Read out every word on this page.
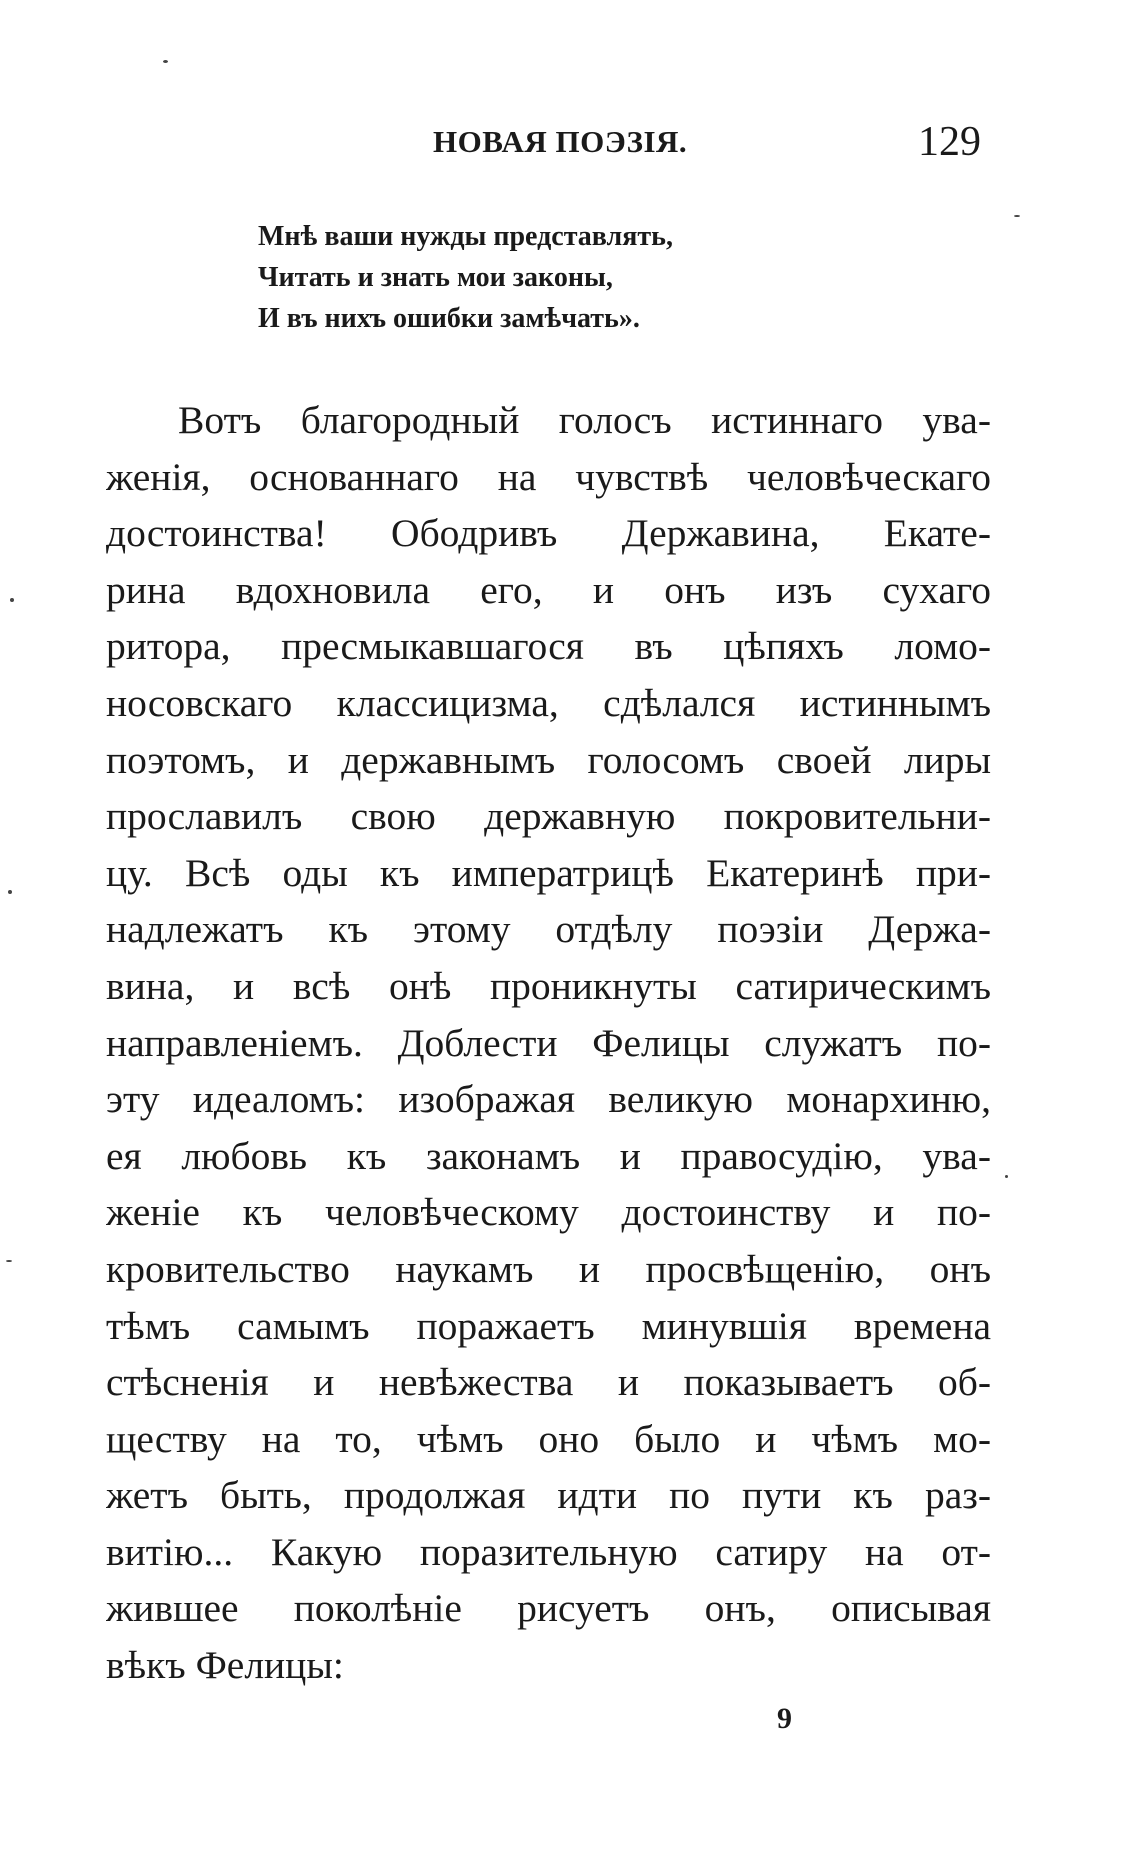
НОВАЯ ПОЭЗІЯ.	129
Мнѣ ваши нужды представлять,
Читать и знать мои законы,
И въ нихъ ошибки замѣчать».
Вотъ благородный голосъ истиннаго ува-
женія, основаннаго на чувствѣ человѣческаго
достоинства! Ободривъ Державина, Екате-
рина вдохновила его, и онъ изъ сухаго
ритора, пресмыкавшагося въ цѣпяхъ ломо-
носовскаго классицизма, сдѣлался истиннымъ
поэтомъ, и державнымъ голосомъ своей лиры
прославилъ свою державную покровительни-
цу. Всѣ оды къ императрицѣ Екатеринѣ при-
надлежатъ къ этому отдѣлу поэзіи Держа-
вина, и всѣ онѣ проникнуты сатирическимъ
направленіемъ. Доблести Фелицы служатъ по-
эту идеаломъ: изображая великую монархиню,
ея любовь къ законамъ и правосудію, ува-
женіе къ человѣческому достоинству и по-
кровительство наукамъ и просвѣщенію, онъ
тѣмъ самымъ поражаетъ минувшія времена
стѣсненія и невѣжества и показываетъ об-
ществу на то, чѣмъ оно было и чѣмъ мо-
жетъ быть, продолжая идти по пути къ раз-
витію... Какую поразительную сатиру на от-
жившее поколѣніе рисуетъ онъ, описывая
вѣкъ Фелицы:
9
